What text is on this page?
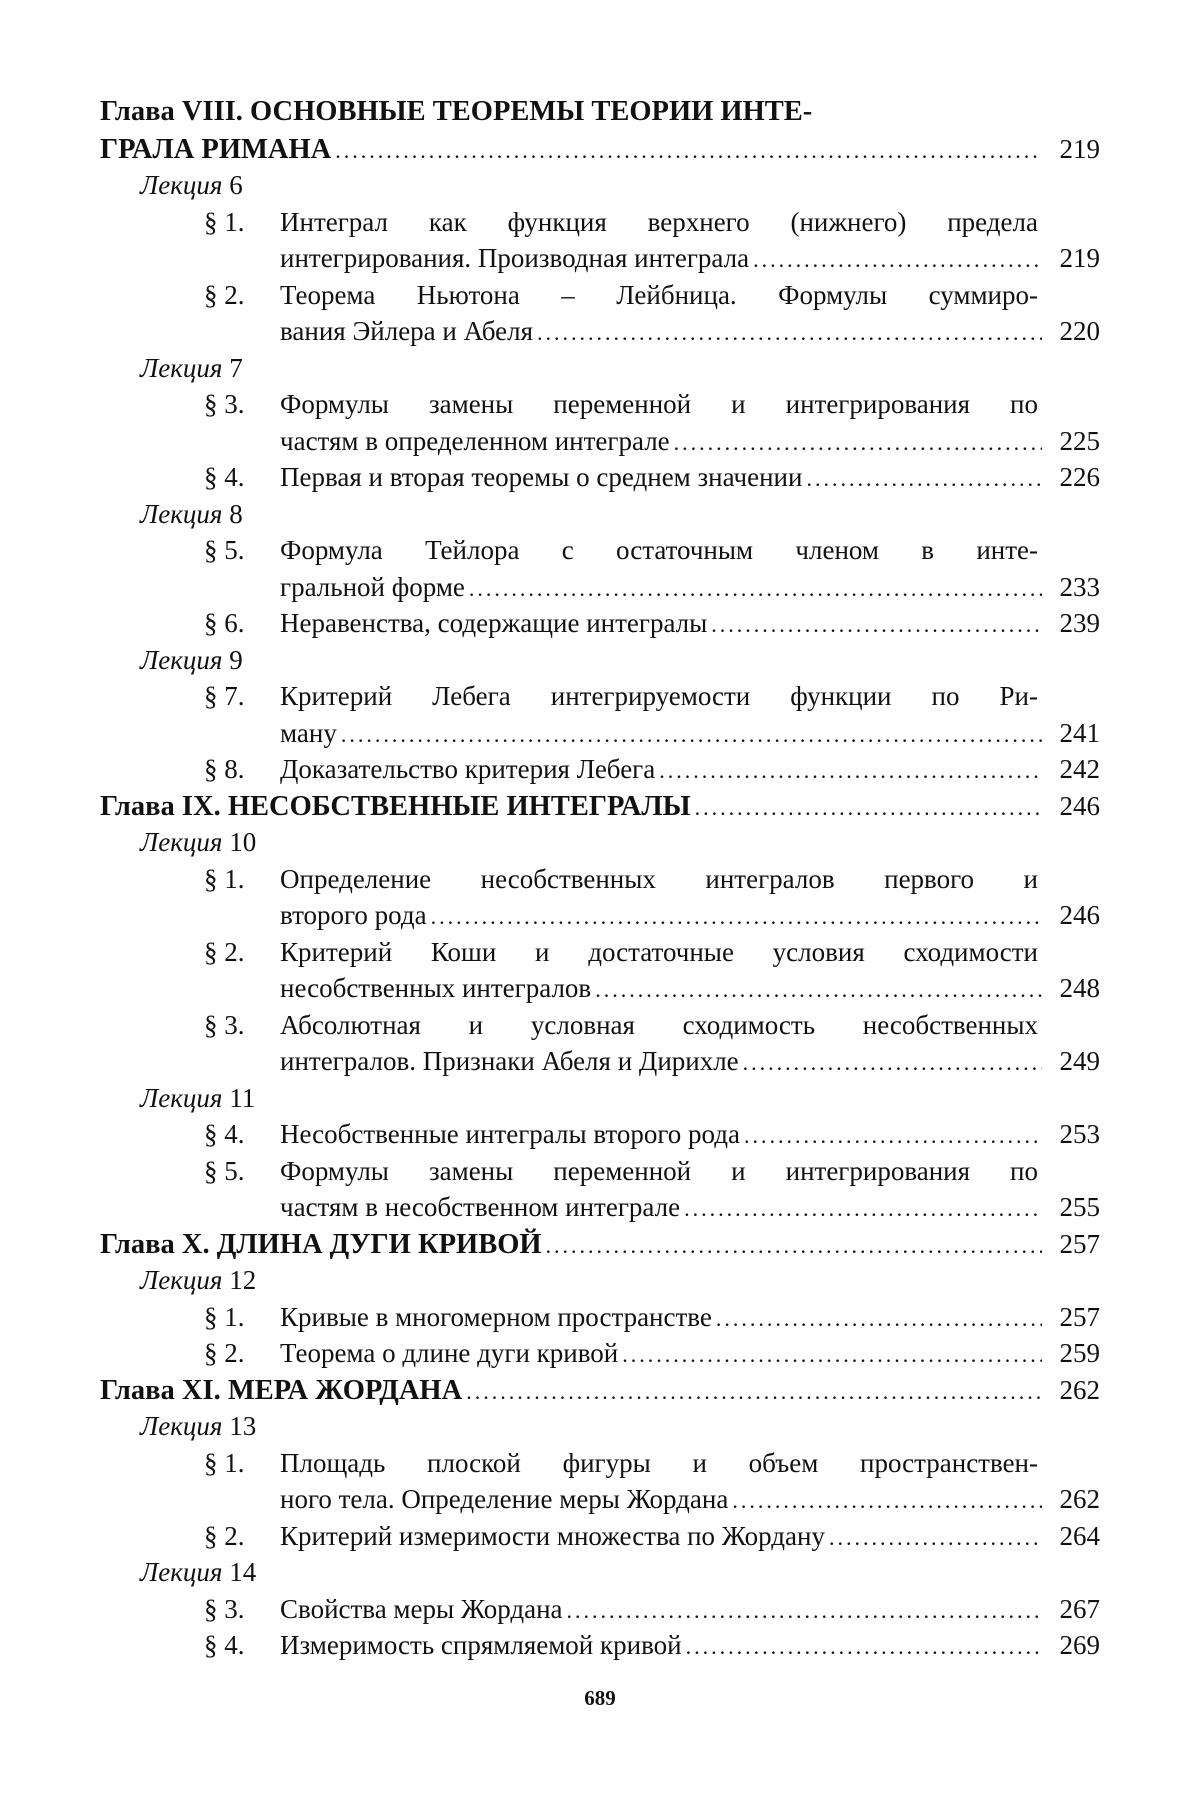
Глава VIII. ОСНОВНЫЕ ТЕОРЕМЫ ТЕОРИИ ИНТЕ-
ГРАЛА РИМАНА .....	219
Лекция 6
§ 1. Интеграл как функция верхнего (нижнего) предела
интегрирования. Производная интеграла .....	219
§ 2. Теорема Ньютона – Лейбница. Формулы суммиро-
вания Эйлера и Абеля .....	220
Лекция 7
§ 3. Формулы замены переменной и интегрирования по
частям в определенном интеграле .....	225
§ 4. Первая и вторая теоремы о среднем значении .....	226
Лекция 8
§ 5. Формула Тейлора с остаточным членом в инте-
гральной форме .....	233
§ 6. Неравенства, содержащие интегралы .....	239
Лекция 9
§ 7. Критерий Лебега интегрируемости функции по Ри-
ману .....	241
§ 8. Доказательство критерия Лебега .....	242
Глава IX. НЕСОБСТВЕННЫЕ ИНТЕГРАЛЫ .....	246
Лекция 10
§ 1. Определение несобственных интегралов первого и
второго рода .....	246
§ 2. Критерий Коши и достаточные условия сходимости
несобственных интегралов .....	248
§ 3. Абсолютная и условная сходимость несобственных
интегралов. Признаки Абеля и Дирихле .....	249
Лекция 11
§ 4. Несобственные интегралы второго рода .....	253
§ 5. Формулы замены переменной и интегрирования по
частям в несобственном интеграле .....	255
Глава X. ДЛИНА ДУГИ КРИВОЙ .....	257
Лекция 12
§ 1. Кривые в многомерном пространстве .....	257
§ 2. Теорема о длине дуги кривой .....	259
Глава XI. МЕРА ЖОРДАНА .....	262
Лекция 13
§ 1. Площадь плоской фигуры и объем пространствен-
ного тела. Определение меры Жордана .....	262
§ 2. Критерий измеримости множества по Жордану .....	264
Лекция 14
§ 3. Свойства меры Жордана .....	267
§ 4. Измеримость спрямляемой кривой .....	269
689
